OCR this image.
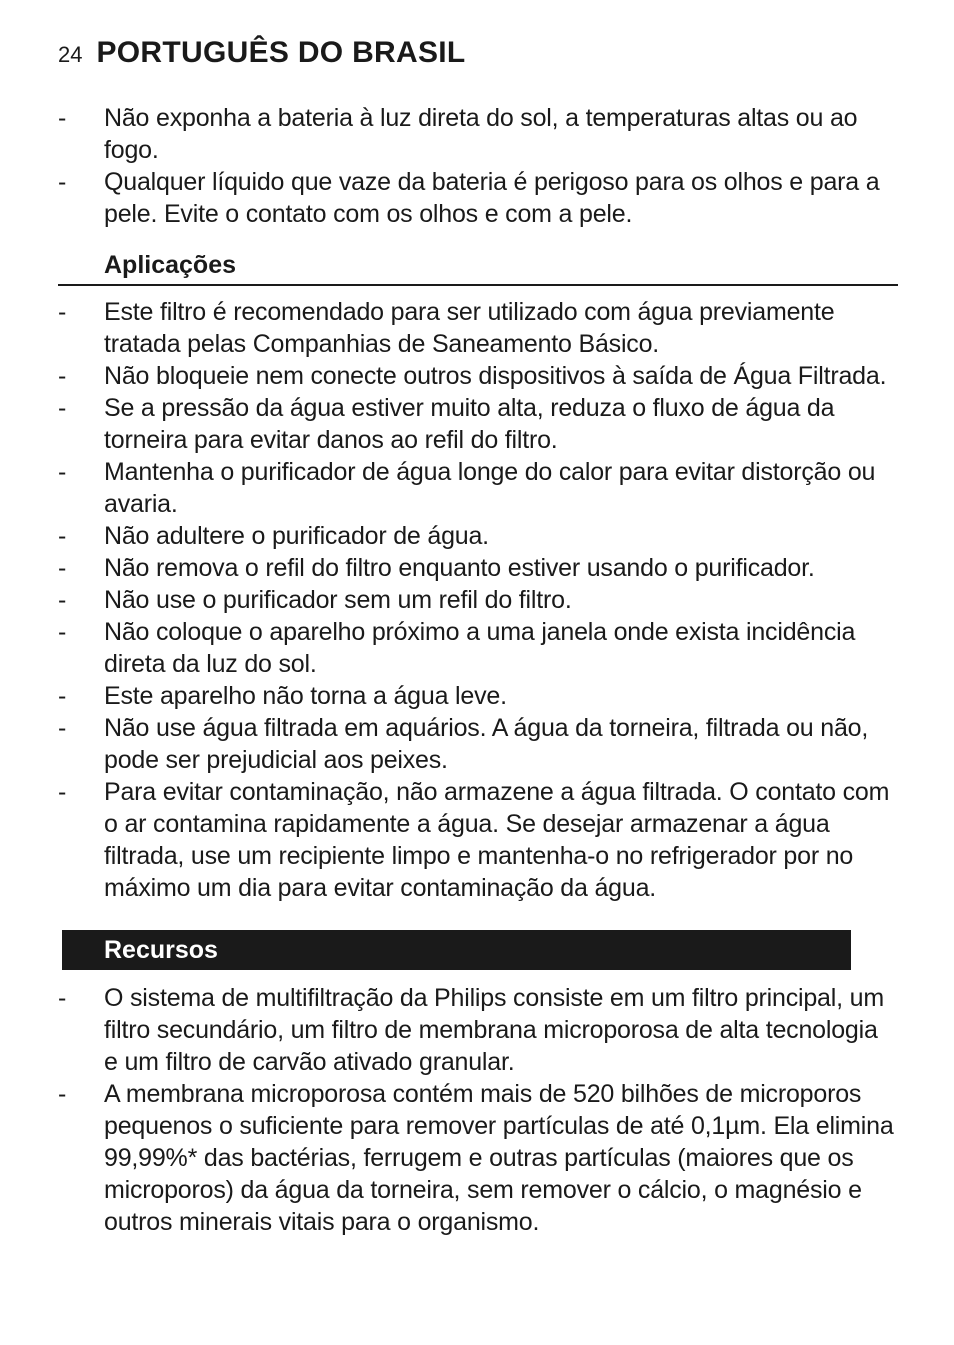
24 PORTUGUÊS DO BRASIL
- Não exponha a bateria à luz direta do sol, a temperaturas altas ou ao fogo.
- Qualquer líquido que vaze da bateria é perigoso para os olhos e para a pele. Evite o contato com os olhos e com a pele.
Aplicações
- Este filtro é recomendado para ser utilizado com água previamente tratada pelas Companhias de Saneamento Básico.
- Não bloqueie nem conecte outros dispositivos à saída de Água Filtrada.
- Se a pressão da água estiver muito alta, reduza o fluxo de água da torneira para evitar danos ao refil do filtro.
- Mantenha o purificador de água longe do calor para evitar distorção ou avaria.
- Não adultere o purificador de água.
- Não remova o refil do filtro enquanto estiver usando o purificador.
- Não use o purificador sem um refil do filtro.
- Não coloque o aparelho próximo a uma janela onde exista incidência direta da luz do sol.
- Este aparelho não torna a água leve.
- Não use água filtrada em aquários. A água da torneira, filtrada ou não, pode ser prejudicial aos peixes.
- Para evitar contaminação, não armazene a água filtrada. O contato com o ar contamina rapidamente a água. Se desejar armazenar a água filtrada, use um recipiente limpo e mantenha-o no refrigerador por no máximo um dia para evitar contaminação da água.
Recursos
- O sistema de multifiltração da Philips consiste em um filtro principal, um filtro secundário, um filtro de membrana microporosa de alta tecnologia e um filtro de carvão ativado granular.
- A membrana microporosa contém mais de 520 bilhões de microporos pequenos o suficiente para remover partículas de até 0,1µm. Ela elimina 99,99%* das bactérias, ferrugem e outras partículas (maiores que os microporos) da água da torneira, sem remover o cálcio, o magnésio e outros minerais vitais para o organismo.
